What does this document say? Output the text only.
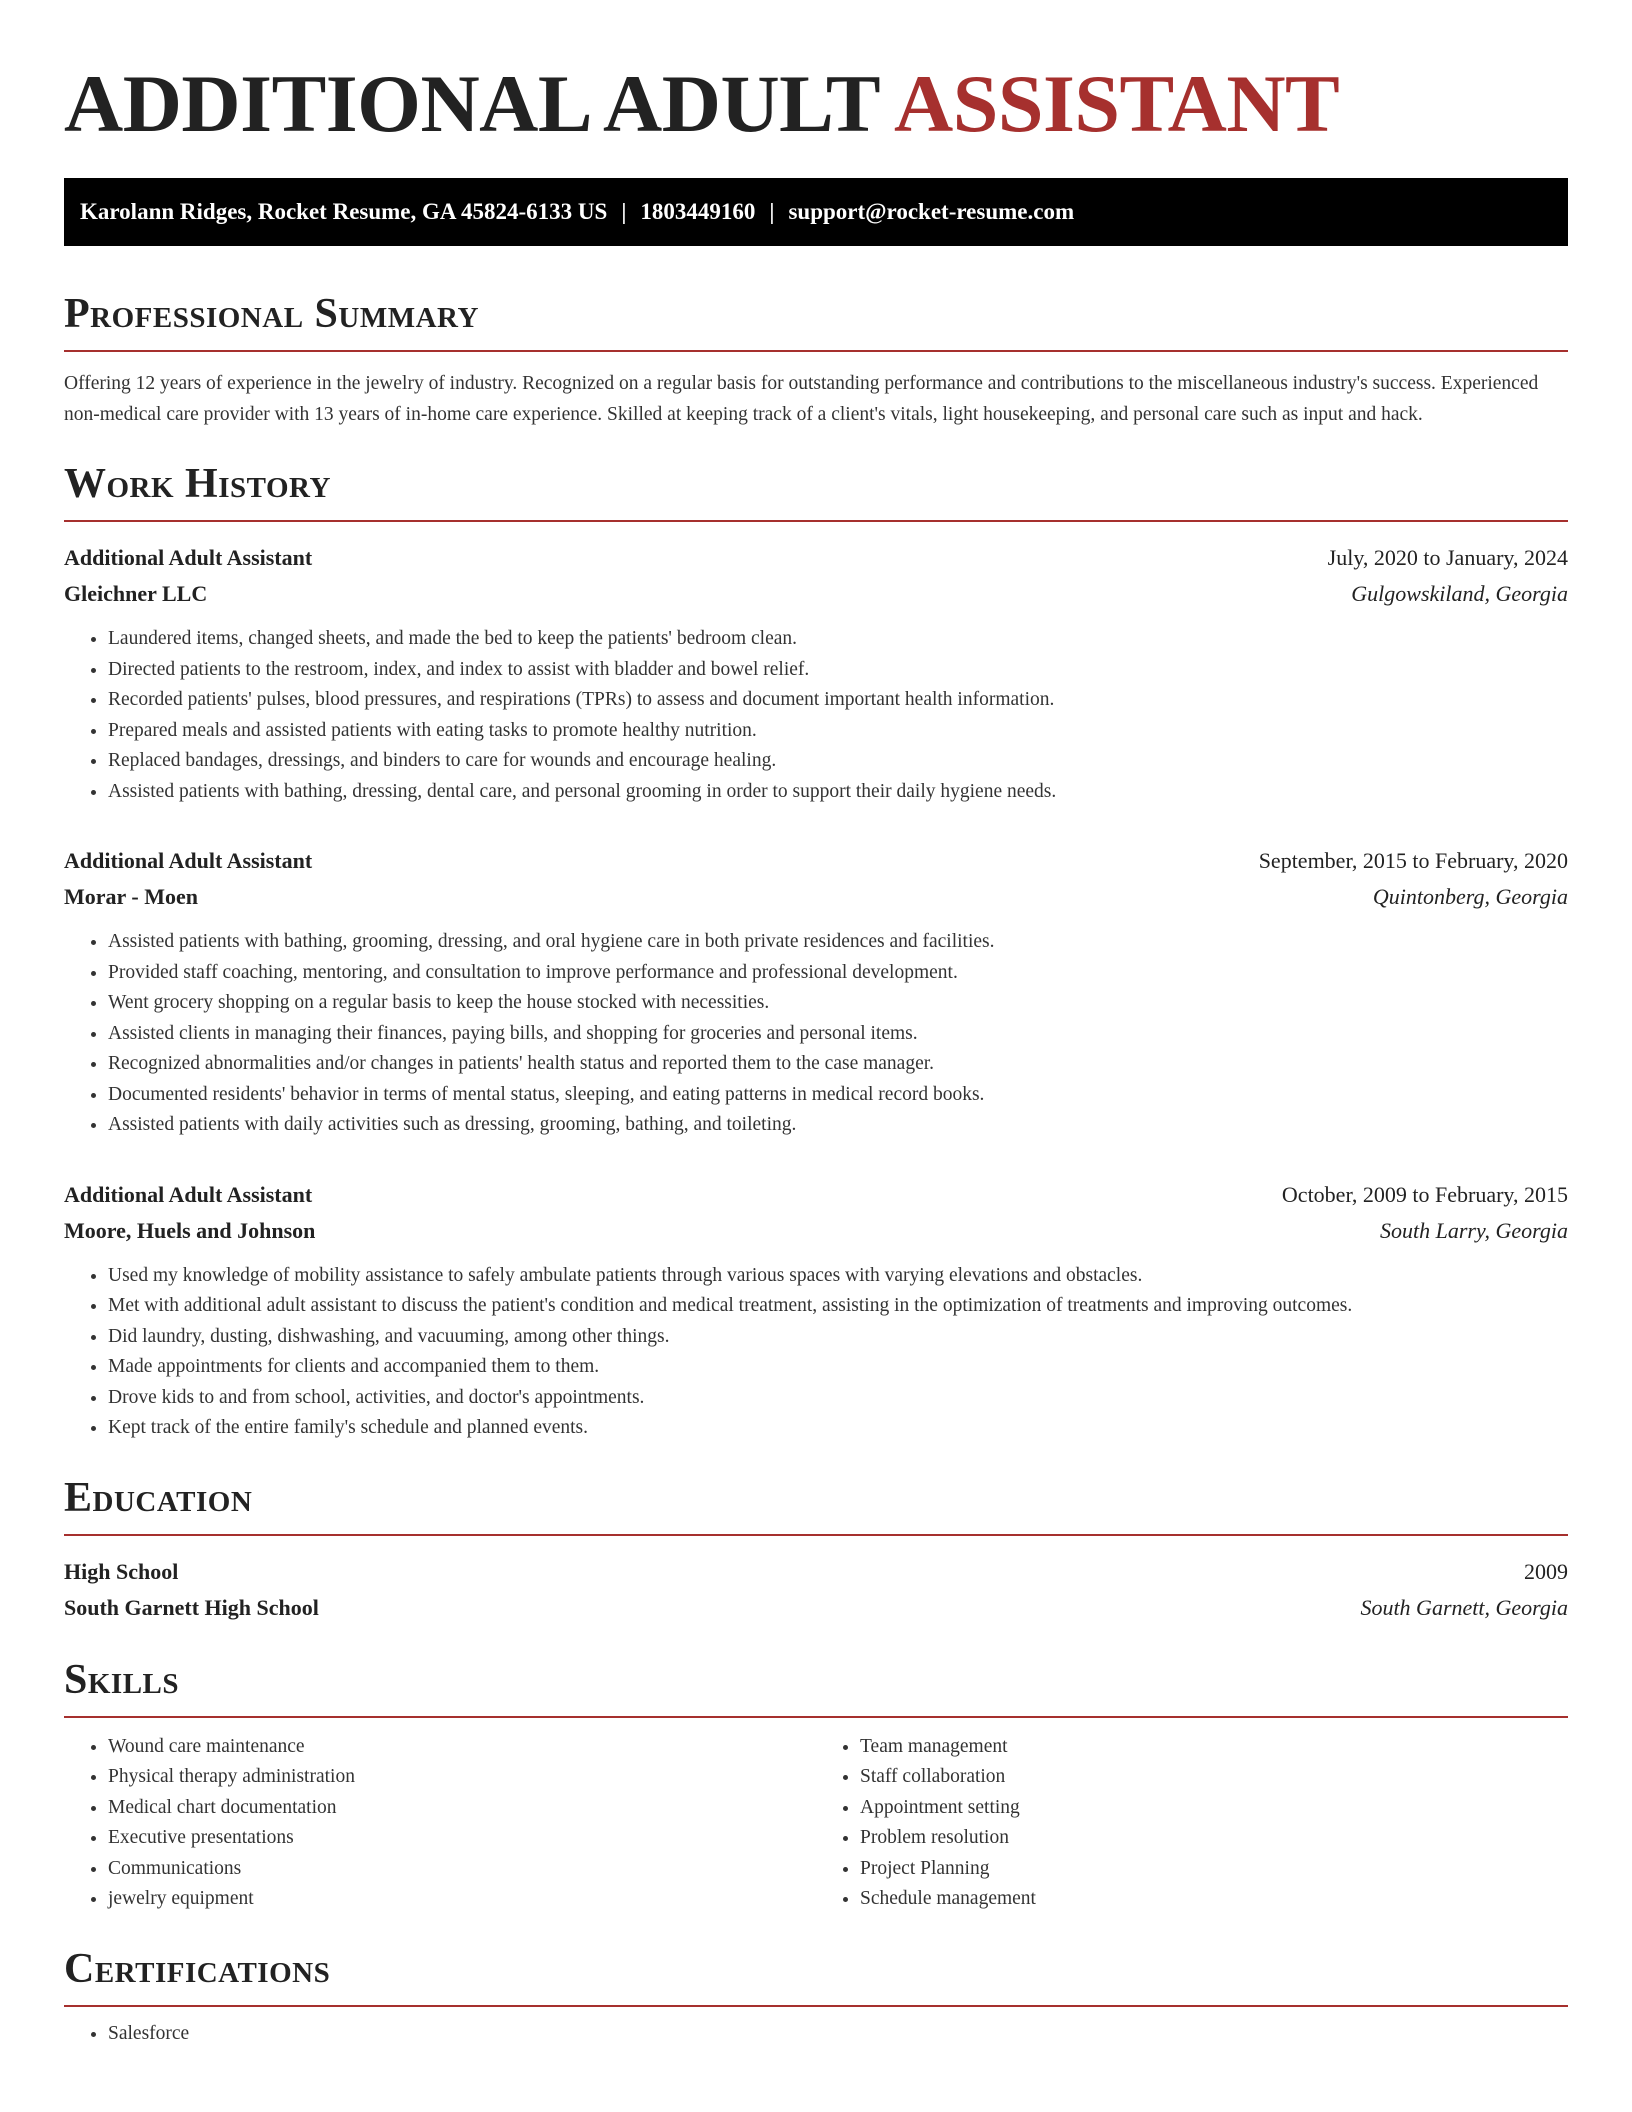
ADDITIONAL ADULT ASSISTANT
Karolann Ridges, Rocket Resume, GA 45824-6133 US | 1803449160 | support@rocket-resume.com
Professional Summary

Offering 12 years of experience in the jewelry of industry. Recognized on a regular basis for outstanding performance and contributions to the miscellaneous industry's success. Experienced non-medical care provider with 13 years of in-home care experience. Skilled at keeping track of a client's vitals, light housekeeping, and personal care such as input and hack.

Work History
Additional Adult Assistant	July, 2020 to January, 2024
Gleichner LLC	Gulgowskiland, Georgia
• Laundered items, changed sheets, and made the bed to keep the patients' bedroom clean.
• Directed patients to the restroom, index, and index to assist with bladder and bowel relief.
• Recorded patients' pulses, blood pressures, and respirations (TPRs) to assess and document important health information.
• Prepared meals and assisted patients with eating tasks to promote healthy nutrition.
• Replaced bandages, dressings, and binders to care for wounds and encourage healing.
• Assisted patients with bathing, dressing, dental care, and personal grooming in order to support their daily hygiene needs.
Additional Adult Assistant	September, 2015 to February, 2020
Morar - Moen	Quintonberg, Georgia
• Assisted patients with bathing, grooming, dressing, and oral hygiene care in both private residences and facilities.
• Provided staff coaching, mentoring, and consultation to improve performance and professional development.
• Went grocery shopping on a regular basis to keep the house stocked with necessities.
• Assisted clients in managing their finances, paying bills, and shopping for groceries and personal items.
• Recognized abnormalities and/or changes in patients' health status and reported them to the case manager.
• Documented residents' behavior in terms of mental status, sleeping, and eating patterns in medical record books.
• Assisted patients with daily activities such as dressing, grooming, bathing, and toileting.
Additional Adult Assistant	October, 2009 to February, 2015
Moore, Huels and Johnson	South Larry, Georgia
• Used my knowledge of mobility assistance to safely ambulate patients through various spaces with varying elevations and obstacles.
• Met with additional adult assistant to discuss the patient's condition and medical treatment, assisting in the optimization of treatments and improving outcomes.
• Did laundry, dusting, dishwashing, and vacuuming, among other things.
• Made appointments for clients and accompanied them to them.
• Drove kids to and from school, activities, and doctor's appointments.
• Kept track of the entire family's schedule and planned events.
Education
High School	2009
South Garnett High School	South Garnett, Georgia
Skills
• Wound care maintenance
• Physical therapy administration
• Medical chart documentation
• Executive presentations
• Communications
• jewelry equipment
• Team management
• Staff collaboration
• Appointment setting
• Problem resolution
• Project Planning
• Schedule management
Certifications
• Salesforce
